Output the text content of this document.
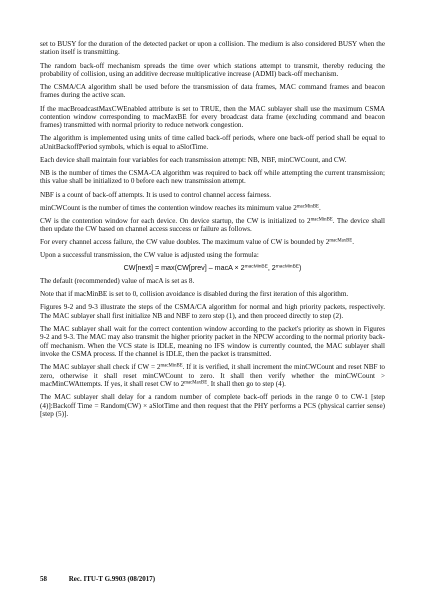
set to BUSY for the duration of the detected packet or upon a collision. The medium is also considered BUSY when the station itself is transmitting.

The random back-off mechanism spreads the time over which stations attempt to transmit, thereby reducing the probability of collision, using an additive decrease multiplicative increase (ADMI) back-off mechanism.

The CSMA/CA algorithm shall be used before the transmission of data frames, MAC command frames and beacon frames during the active scan.

If the macBroadcastMaxCWEnabled attribute is set to TRUE, then the MAC sublayer shall use the maximum CSMA contention window corresponding to macMaxBE for every broadcast data frame (excluding command and beacon frames) transmitted with normal priority to reduce network congestion.

The algorithm is implemented using units of time called back-off periods, where one back-off period shall be equal to aUnitBackoffPeriod symbols, which is equal to aSlotTime.

Each device shall maintain four variables for each transmission attempt: NB, NBF, minCWCount, and CW.

NB is the number of times the CSMA-CA algorithm was required to back off while attempting the current transmission; this value shall be initialized to 0 before each new transmission attempt.

NBF is a count of back-off attempts. It is used to control channel access fairness.

minCWCount is the number of times the contention window reaches its minimum value $2^{macMinBE}$.

CW is the contention window for each device. On device startup, the CW is initialized to $2^{macMinBE}$. The device shall then update the CW based on channel access success or failure as follows.

For every channel access failure, the CW value doubles. The maximum value of CW is bounded by $2^{macMaxBE}$.

Upon a successful transmission, the CW value is adjusted using the formula:

CW[next] = max(CW[prev] – macA × $2^{macMinBE}$, $2^{macMinBE}$)

The default (recommended) value of macA is set as 8.

Note that if macMinBE is set to 0, collision avoidance is disabled during the first iteration of this algorithm.

Figures 9-2 and 9-3 illustrate the steps of the CSMA/CA algorithm for normal and high priority packets, respectively. The MAC sublayer shall first initialize NB and NBF to zero step (1), and then proceed directly to step (2).

The MAC sublayer shall wait for the correct contention window according to the packet's priority as shown in Figures 9-2 and 9-3. The MAC may also transmit the higher priority packet in the NPCW according to the normal priority back-off mechanism. When the VCS state is IDLE, meaning no IFS window is currently counted, the MAC sublayer shall invoke the CSMA process. If the channel is IDLE, then the packet is transmitted.

The MAC sublayer shall check if CW = $2^{macMinBE}$. If it is verified, it shall increment the minCWCount and reset NBF to zero, otherwise it shall reset minCWCount to zero. It shall then verify whether the minCWCount > macMinCWAttempts. If yes, it shall reset CW to $2^{macMaxBE}$. It shall then go to step (4).

The MAC sublayer shall delay for a random number of complete back-off periods in the range 0 to CW-1 [step (4)]:Backoff Time = Random(CW) × aSlotTime and then request that the PHY performs a PCS (physical carrier sense) [step (5)].

58	Rec. ITU-T G.9903 (08/2017)
